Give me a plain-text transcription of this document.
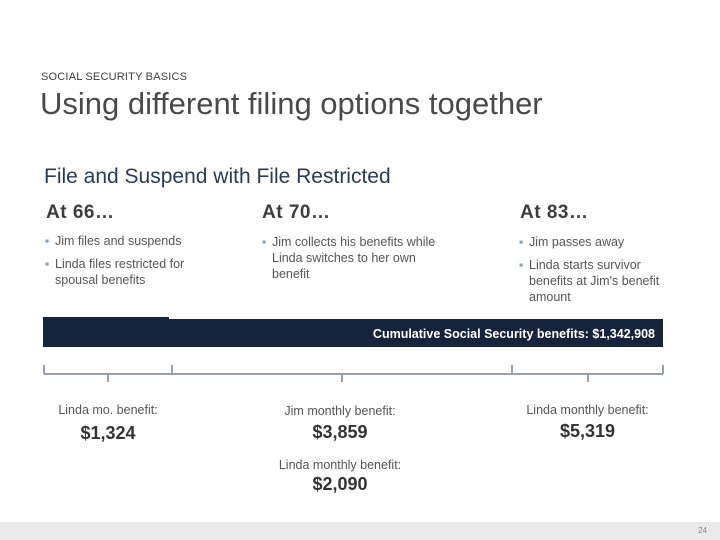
SOCIAL SECURITY BASICS
Using different filing options together
File and Suspend with File Restricted
At 66…
▪ Jim files and suspends
▪ Linda files restricted for spousal benefits
At 70…
▪ Jim collects his benefits while Linda switches to her own benefit
At 83…
▪ Jim passes away
▪ Linda starts survivor benefits at Jim's benefit amount
Cumulative Social Security benefits: $1,342,908
Linda mo. benefit:
$1,324
Jim monthly benefit:
$3,859
Linda monthly benefit:
$2,090
Linda monthly benefit:
$5,319
24
